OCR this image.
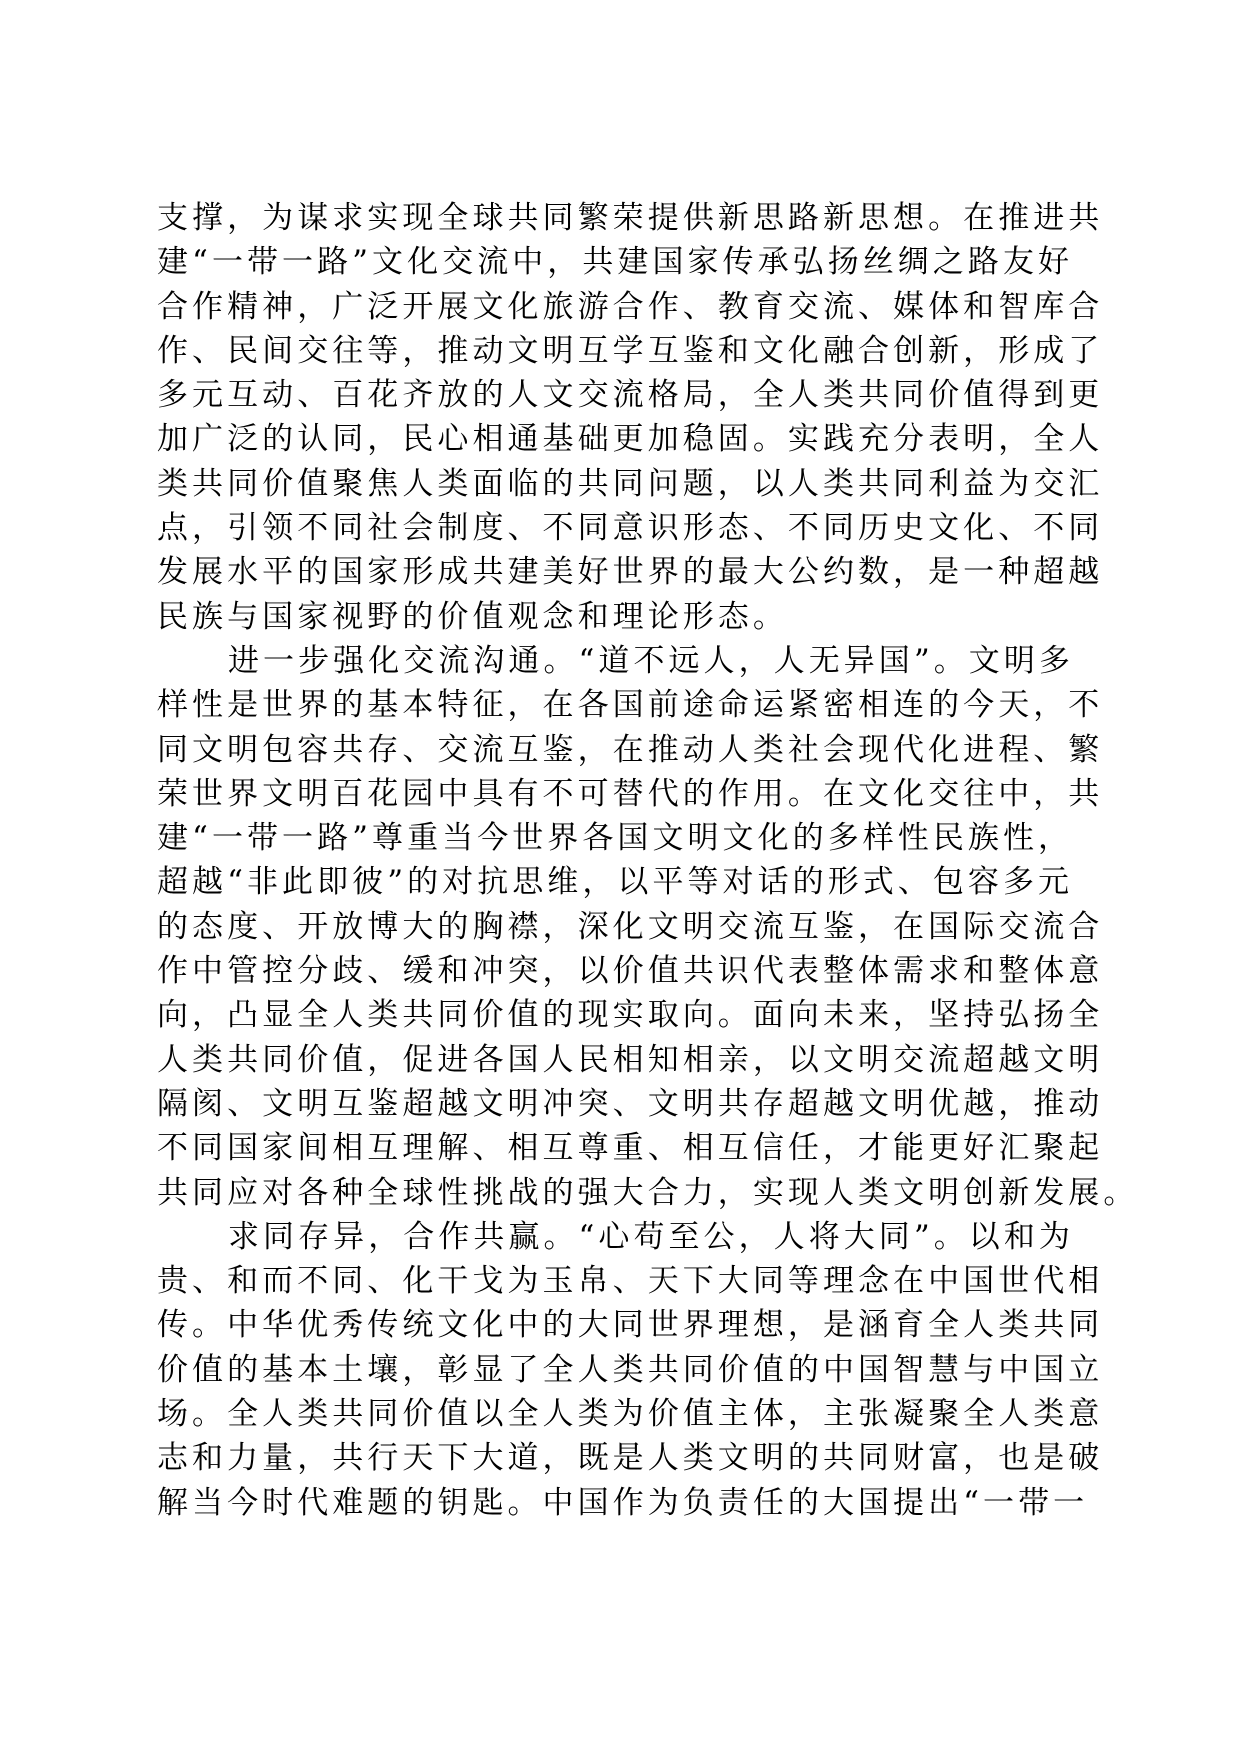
支撑，为谋求实现全球共同繁荣提供新思路新思想。在推进共
建“一带一路”文化交流中，共建国家传承弘扬丝绸之路友好
合作精神，广泛开展文化旅游合作、教育交流、媒体和智库合
作、民间交往等，推动文明互学互鉴和文化融合创新，形成了
多元互动、百花齐放的人文交流格局，全人类共同价值得到更
加广泛的认同，民心相通基础更加稳固。实践充分表明，全人
类共同价值聚焦人类面临的共同问题，以人类共同利益为交汇
点，引领不同社会制度、不同意识形态、不同历史文化、不同
发展水平的国家形成共建美好世界的最大公约数，是一种超越
民族与国家视野的价值观念和理论形态。
进一步强化交流沟通。“道不远人，人无异国”。文明多
样性是世界的基本特征，在各国前途命运紧密相连的今天，不
同文明包容共存、交流互鉴，在推动人类社会现代化进程、繁
荣世界文明百花园中具有不可替代的作用。在文化交往中，共
建“一带一路”尊重当今世界各国文明文化的多样性民族性，
超越“非此即彼”的对抗思维，以平等对话的形式、包容多元
的态度、开放博大的胸襟，深化文明交流互鉴，在国际交流合
作中管控分歧、缓和冲突，以价值共识代表整体需求和整体意
向，凸显全人类共同价值的现实取向。面向未来，坚持弘扬全
人类共同价值，促进各国人民相知相亲，以文明交流超越文明
隔阂、文明互鉴超越文明冲突、文明共存超越文明优越，推动
不同国家间相互理解、相互尊重、相互信任，才能更好汇聚起
共同应对各种全球性挑战的强大合力，实现人类文明创新发展。
求同存异，合作共赢。“心苟至公，人将大同”。以和为
贵、和而不同、化干戈为玉帛、天下大同等理念在中国世代相
传。中华优秀传统文化中的大同世界理想，是涵育全人类共同
价值的基本土壤，彰显了全人类共同价值的中国智慧与中国立
场。全人类共同价值以全人类为价值主体，主张凝聚全人类意
志和力量，共行天下大道，既是人类文明的共同财富，也是破
解当今时代难题的钥匙。中国作为负责任的大国提出“一带一
